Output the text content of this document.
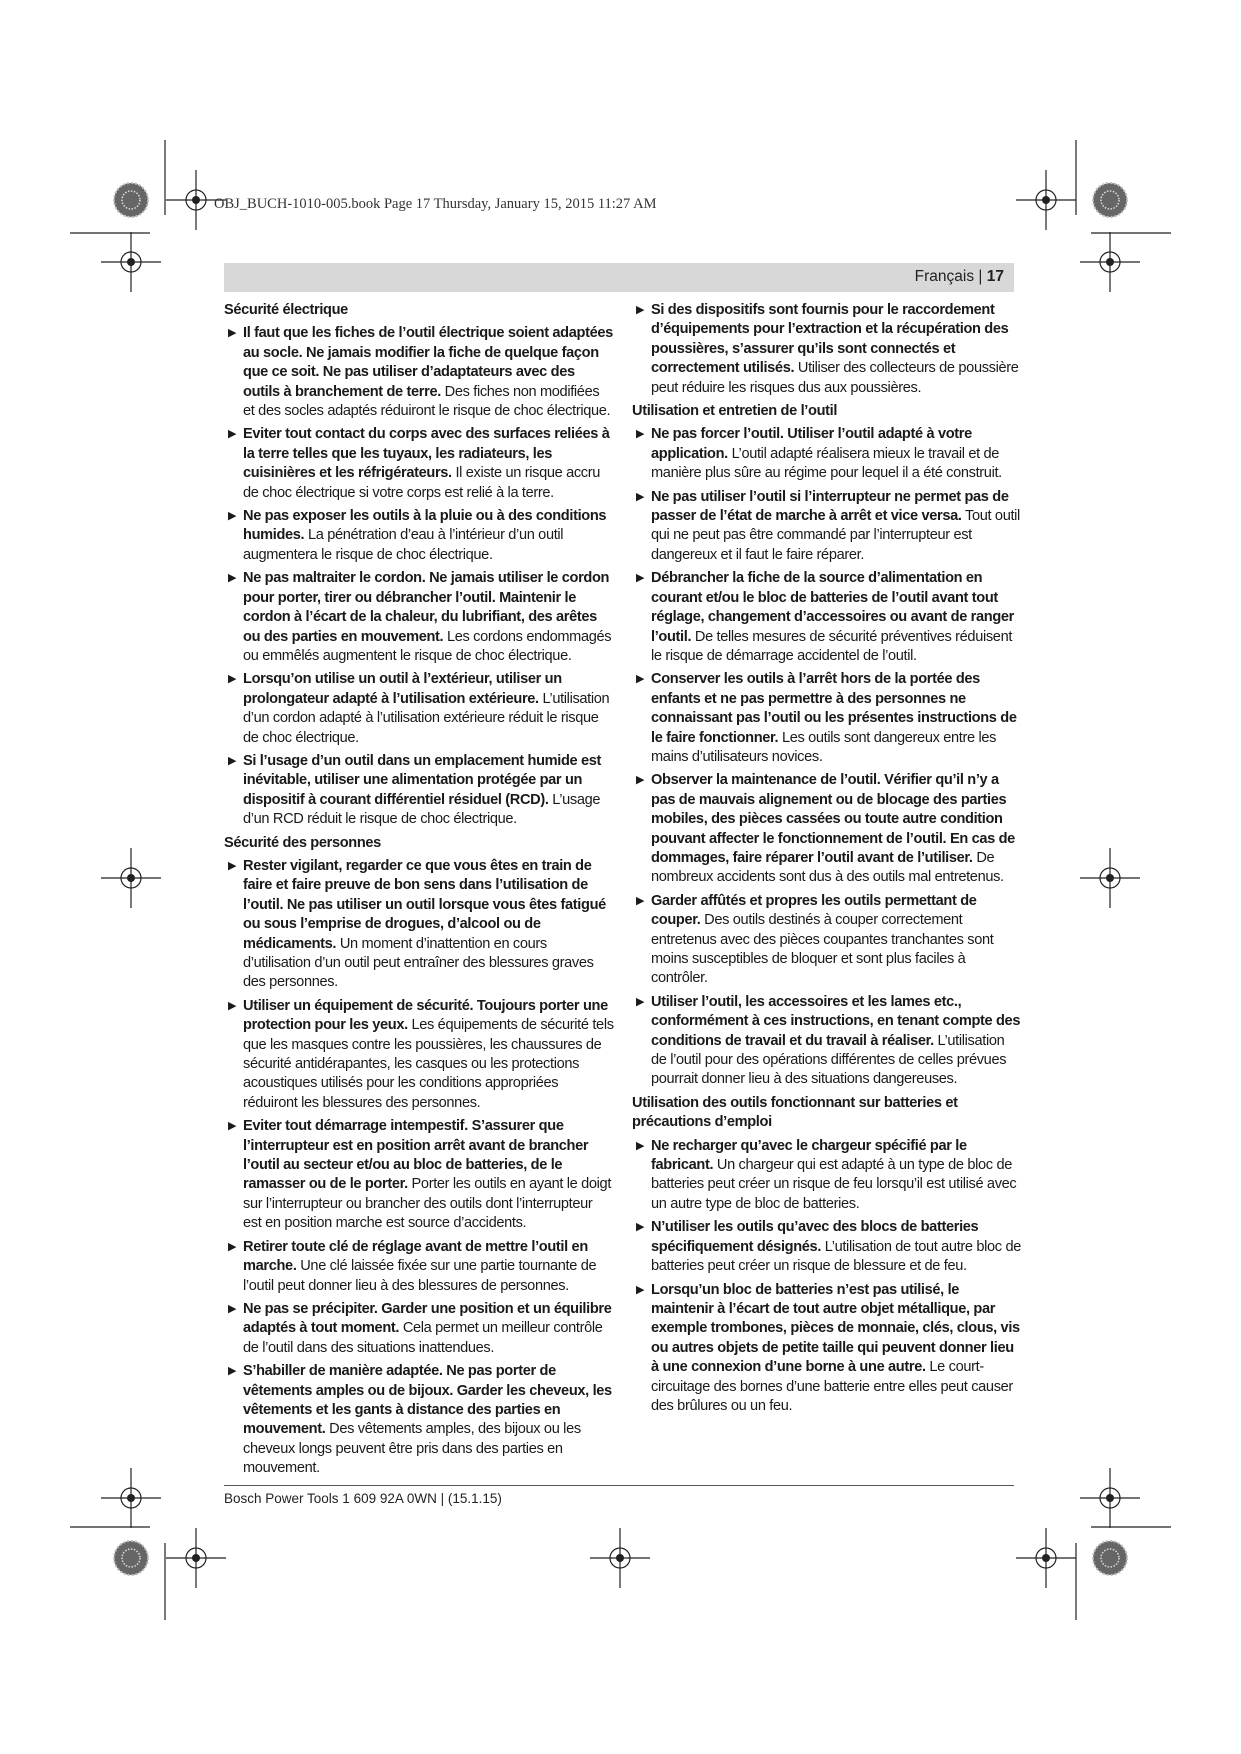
OBJ_BUCH-1010-005.book Page 17 Thursday, January 15, 2015 11:27 AM
Français | 17
Sécurité électrique
▶ Il faut que les fiches de l’outil électrique soient adaptées au socle. Ne jamais modifier la fiche de quelque façon que ce soit. Ne pas utiliser d’adaptateurs avec des outils à branchement de terre. Des fiches non modifiées et des socles adaptés réduiront le risque de choc électrique.
▶ Eviter tout contact du corps avec des surfaces reliées à la terre telles que les tuyaux, les radiateurs, les cuisinières et les réfrigérateurs. Il existe un risque accru de choc électrique si votre corps est relié à la terre.
▶ Ne pas exposer les outils à la pluie ou à des conditions humides. La pénétration d’eau à l’intérieur d’un outil augmentera le risque de choc électrique.
▶ Ne pas maltraiter le cordon. Ne jamais utiliser le cordon pour porter, tirer ou débrancher l’outil. Maintenir le cordon à l’écart de la chaleur, du lubrifiant, des arêtes ou des parties en mouvement. Les cordons endommagés ou emmêlés augmentent le risque de choc électrique.
▶ Lorsqu’on utilise un outil à l’extérieur, utiliser un prolongateur adapté à l’utilisation extérieure. L’utilisation d’un cordon adapté à l’utilisation extérieure réduit le risque de choc électrique.
▶ Si l’usage d’un outil dans un emplacement humide est inévitable, utiliser une alimentation protégée par un dispositif à courant différentiel résiduel (RCD). L’usage d’un RCD réduit le risque de choc électrique.
Sécurité des personnes
▶ Rester vigilant, regarder ce que vous êtes en train de faire et faire preuve de bon sens dans l’utilisation de l’outil. Ne pas utiliser un outil lorsque vous êtes fatigué ou sous l’emprise de drogues, d’alcool ou de médicaments. Un moment d’inattention en cours d’utilisation d’un outil peut entraîner des blessures graves des personnes.
▶ Utiliser un équipement de sécurité. Toujours porter une protection pour les yeux. Les équipements de sécurité tels que les masques contre les poussières, les chaussures de sécurité antidérapantes, les casques ou les protections acoustiques utilisés pour les conditions appropriées réduiront les blessures des personnes.
▶ Eviter tout démarrage intempestif. S’assurer que l’interrupteur est en position arrêt avant de brancher l’outil au secteur et/ou au bloc de batteries, de le ramasser ou de le porter. Porter les outils en ayant le doigt sur l’interrupteur ou brancher des outils dont l’interrupteur est en position marche est source d’accidents.
▶ Retirer toute clé de réglage avant de mettre l’outil en marche. Une clé laissée fixée sur une partie tournante de l’outil peut donner lieu à des blessures de personnes.
▶ Ne pas se précipiter. Garder une position et un équilibre adaptés à tout moment. Cela permet un meilleur contrôle de l’outil dans des situations inattendues.
▶ S’habiller de manière adaptée. Ne pas porter de vêtements amples ou de bijoux. Garder les cheveux, les vêtements et les gants à distance des parties en mouvement. Des vêtements amples, des bijoux ou les cheveux longs peuvent être pris dans des parties en mouvement.
▶ Si des dispositifs sont fournis pour le raccordement d’équipements pour l’extraction et la récupération des poussières, s’assurer qu’ils sont connectés et correctement utilisés. Utiliser des collecteurs de poussière peut réduire les risques dus aux poussières.
Utilisation et entretien de l’outil
▶ Ne pas forcer l’outil. Utiliser l’outil adapté à votre application. L’outil adapté réalisera mieux le travail et de manière plus sûre au régime pour lequel il a été construit.
▶ Ne pas utiliser l’outil si l’interrupteur ne permet pas de passer de l’état de marche à arrêt et vice versa. Tout outil qui ne peut pas être commandé par l’interrupteur est dangereux et il faut le faire réparer.
▶ Débrancher la fiche de la source d’alimentation en courant et/ou le bloc de batteries de l’outil avant tout réglage, changement d’accessoires ou avant de ranger l’outil. De telles mesures de sécurité préventives réduisent le risque de démarrage accidentel de l’outil.
▶ Conserver les outils à l’arrêt hors de la portée des enfants et ne pas permettre à des personnes ne connaissant pas l’outil ou les présentes instructions de le faire fonctionner. Les outils sont dangereux entre les mains d’utilisateurs novices.
▶ Observer la maintenance de l’outil. Vérifier qu’il n’y a pas de mauvais alignement ou de blocage des parties mobiles, des pièces cassées ou toute autre condition pouvant affecter le fonctionnement de l’outil. En cas de dommages, faire réparer l’outil avant de l’utiliser. De nombreux accidents sont dus à des outils mal entretenus.
▶ Garder affûtés et propres les outils permettant de couper. Des outils destinés à couper correctement entretenus avec des pièces coupantes tranchantes sont moins susceptibles de bloquer et sont plus faciles à contrôler.
▶ Utiliser l’outil, les accessoires et les lames etc., conformément à ces instructions, en tenant compte des conditions de travail et du travail à réaliser. L’utilisation de l’outil pour des opérations différentes de celles prévues pourrait donner lieu à des situations dangereuses.
Utilisation des outils fonctionnant sur batteries et précautions d’emploi
▶ Ne recharger qu’avec le chargeur spécifié par le fabricant. Un chargeur qui est adapté à un type de bloc de batteries peut créer un risque de feu lorsqu’il est utilisé avec un autre type de bloc de batteries.
▶ N’utiliser les outils qu’avec des blocs de batteries spécifiquement désignés. L’utilisation de tout autre bloc de batteries peut créer un risque de blessure et de feu.
▶ Lorsqu’un bloc de batteries n’est pas utilisé, le maintenir à l’écart de tout autre objet métallique, par exemple trombones, pièces de monnaie, clés, clous, vis ou autres objets de petite taille qui peuvent donner lieu à une connexion d’une borne à une autre. Le court-circuitage des bornes d’une batterie entre elles peut causer des brûlures ou un feu.
Bosch Power Tools 1 609 92A 0WN | (15.1.15)
